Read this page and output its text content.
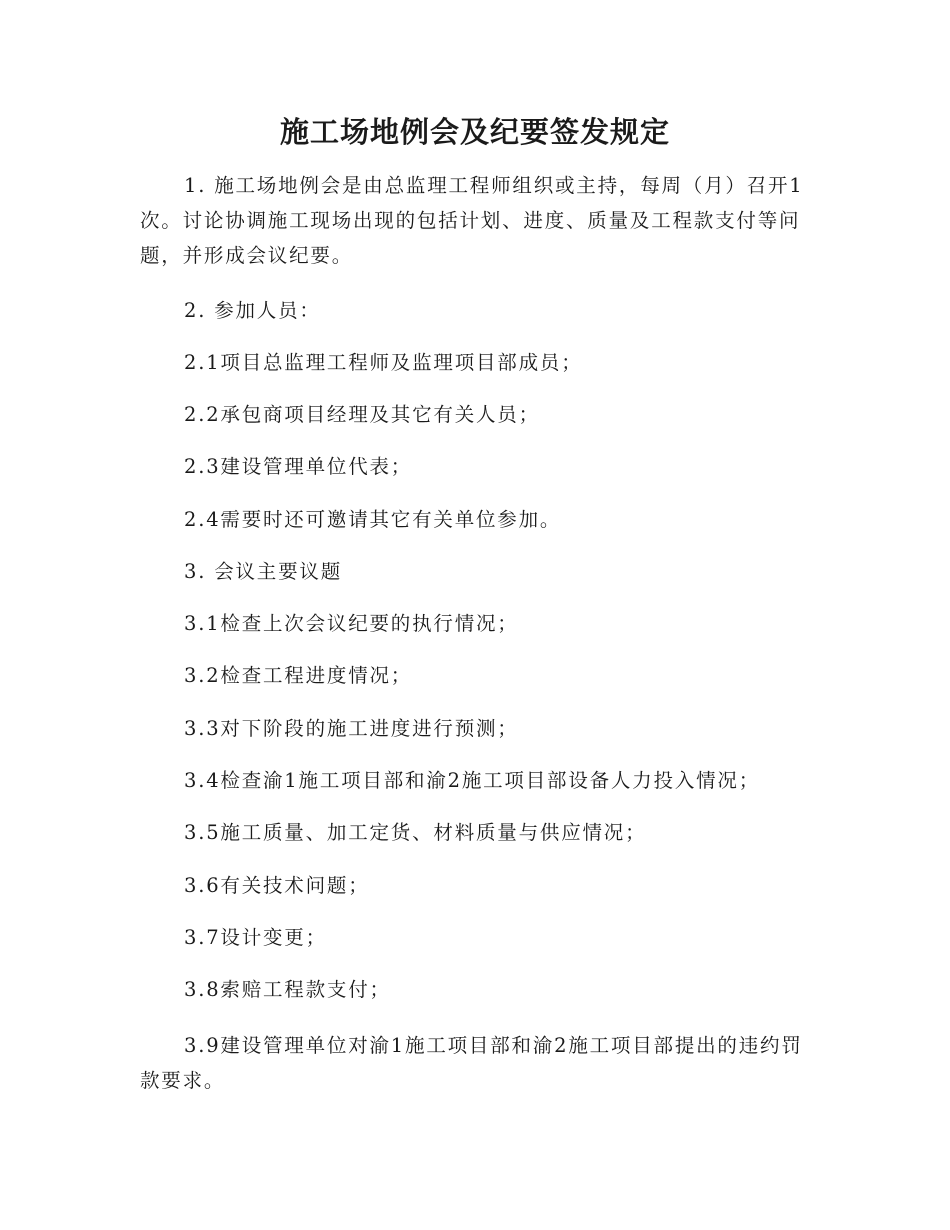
施工场地例会及纪要签发规定

1. 施工场地例会是由总监理工程师组织或主持，每周（月）召开1次。讨论协调施工现场出现的包括计划、进度、质量及工程款支付等问题，并形成会议纪要。

2. 参加人员：

2.1项目总监理工程师及监理项目部成员；

2.2承包商项目经理及其它有关人员；

2.3建设管理单位代表；

2.4需要时还可邀请其它有关单位参加。

3. 会议主要议题

3.1检查上次会议纪要的执行情况；

3.2检查工程进度情况；

3.3对下阶段的施工进度进行预测；

3.4检查渝1施工项目部和渝2施工项目部设备人力投入情况；

3.5施工质量、加工定货、材料质量与供应情况；

3.6有关技术问题；

3.7设计变更；

3.8索赔工程款支付；

3.9建设管理单位对渝1施工项目部和渝2施工项目部提出的违约罚款要求。
